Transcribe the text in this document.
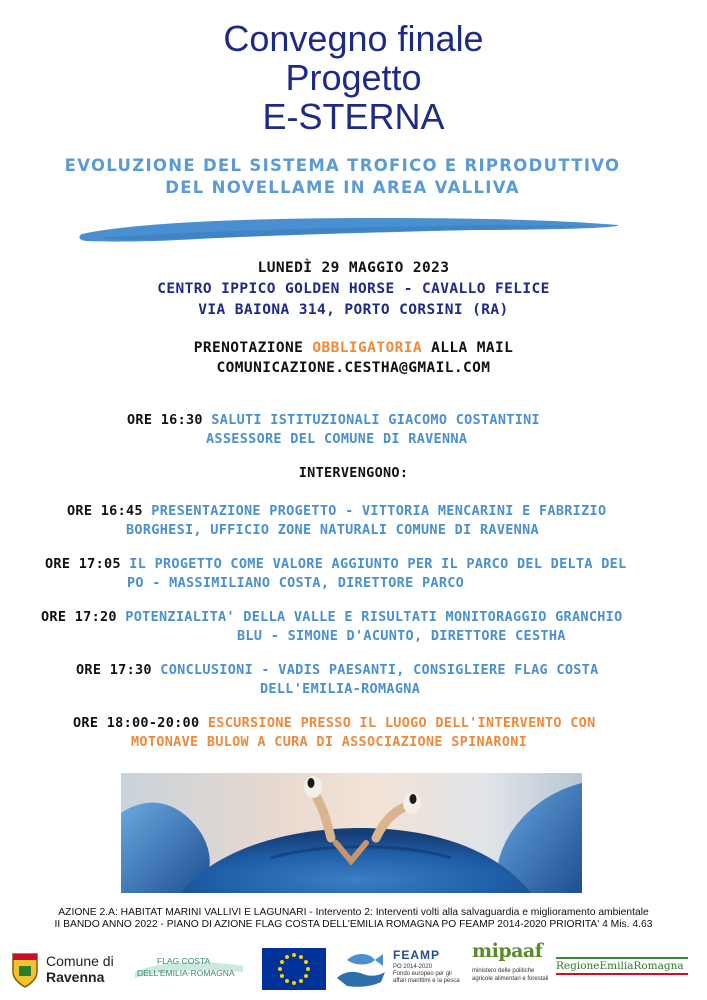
Convegno finale
Progetto
E-STERNA
EVOLUZIONE DEL SISTEMA TROFICO E RIPRODUTTIVO
DEL NOVELLAME IN AREA VALLIVA
LUNEDÌ 29 MAGGIO 2023
CENTRO IPPICO GOLDEN HORSE - CAVALLO FELICE
VIA BAIONA 314, PORTO CORSINI (RA)
PRENOTAZIONE OBBLIGATORIA ALLA MAIL
COMUNICAZIONE.CESTHA@GMAIL.COM
ORE 16:30 SALUTI ISTITUZIONALI GIACOMO COSTANTINI
ASSESSORE DEL COMUNE DI RAVENNA
INTERVENGONO:
ORE 16:45 PRESENTAZIONE PROGETTO - VITTORIA MENCARINI E FABRIZIO
BORGHESI, UFFICIO ZONE NATURALI COMUNE DI RAVENNA
ORE 17:05 IL PROGETTO COME VALORE AGGIUNTO PER IL PARCO DEL DELTA DEL
PO - MASSIMILIANO COSTA, DIRETTORE PARCO
ORE 17:20 POTENZIALITA' DELLA VALLE E RISULTATI MONITORAGGIO GRANCHIO
BLU - SIMONE D'ACUNTO, DIRETTORE CESTHA
ORE 17:30 CONCLUSIONI - VADIS PAESANTI, CONSIGLIERE FLAG COSTA
DELL'EMILIA-ROMAGNA
ORE 18:00-20:00 ESCURSIONE PRESSO IL LUOGO DELL'INTERVENTO CON
MOTONAVE BULOW A CURA DI ASSOCIAZIONE SPINARONI
AZIONE 2.A: HABITAT MARINI VALLIVI E LAGUNARI - Intervento 2: Interventi volti alla salvaguardia e miglioramento ambientale
II BANDO ANNO 2022 - PIANO DI AZIONE FLAG COSTA DELL'EMILIA ROMAGNA PO FEAMP 2014-2020 PRIORITA' 4 Mis. 4.63
Comune di
Ravenna
FLAG COSTA
DELL'EMILIA-ROMAGNA
FEAMP
PO 2014-2020
Fondo europeo per gli
affari marittimi e la pesca
mipaaf
ministero delle politiche
agricole alimentari e forestali
RegioneEmiliaRomagna
